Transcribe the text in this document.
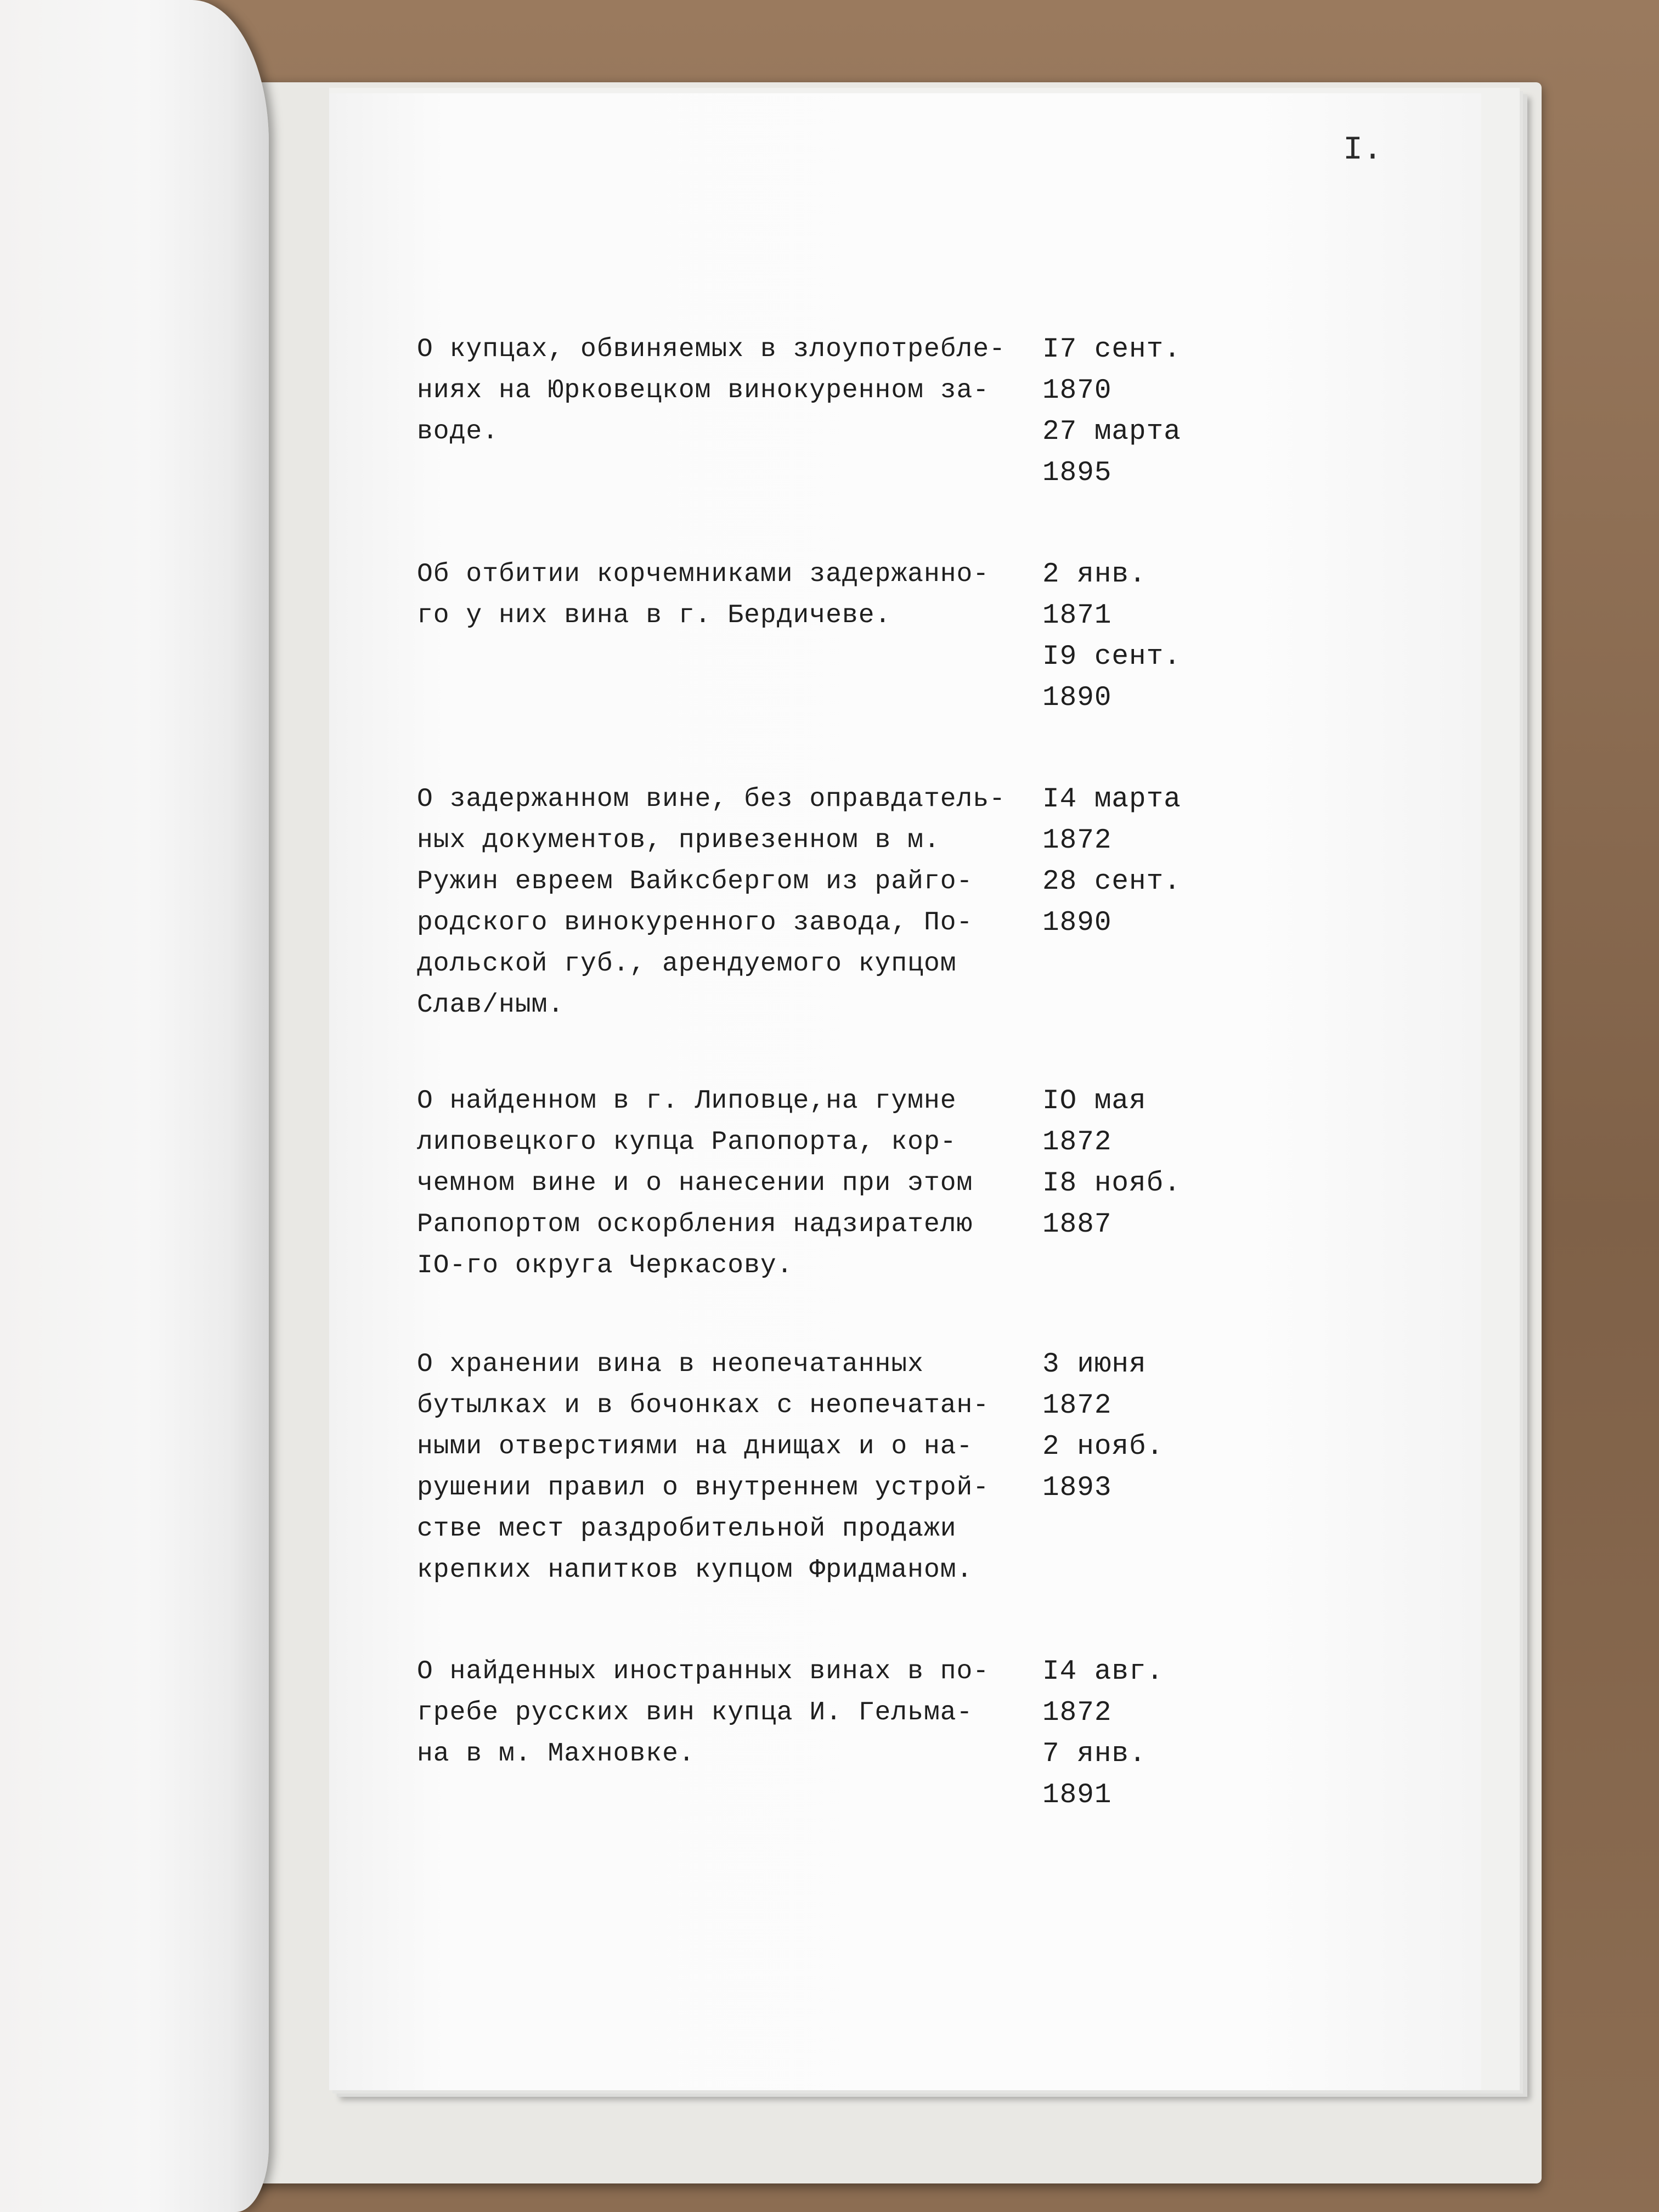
I.
О купцах, обвиняемых в злоупотребле-
ниях на Юрковецком винокуренном за-
воде.
I7 сент.
1870
27 марта
1895
Об отбитии корчемниками задержанно-
го у них вина в г. Бердичеве.
2 янв.
1871
I9 сент.
1890
О задержанном вине, без оправдатель-
ных документов, привезенном в м.
Ружин евреем Вайксбергом из райго-
родского винокуренного завода, По-
дольской губ., арендуемого купцом
Слав/ным.
I4 марта
1872
28 сент.
1890
О найденном в г. Липовце,на гумне
липовецкого купца Рапопорта, кор-
чемном вине и о нанесении при этом
Рапопортом оскорбления надзирателю
IО-го округа Черкасову.
IO мая
1872
I8 нояб.
1887
О хранении вина в неопечатанных
бутылках и в бочонках с неопечатан-
ными отверстиями на днищах и о на-
рушении правил о внутреннем устрой-
стве мест раздробительной продажи
крепких напитков купцом Фридманом.
3 июня
1872
2 нояб.
1893
О найденных иностранных винах в по-
гребе русских вин купца И. Гельма-
на в м. Махновке.
I4 авг.
1872
7 янв.
1891
